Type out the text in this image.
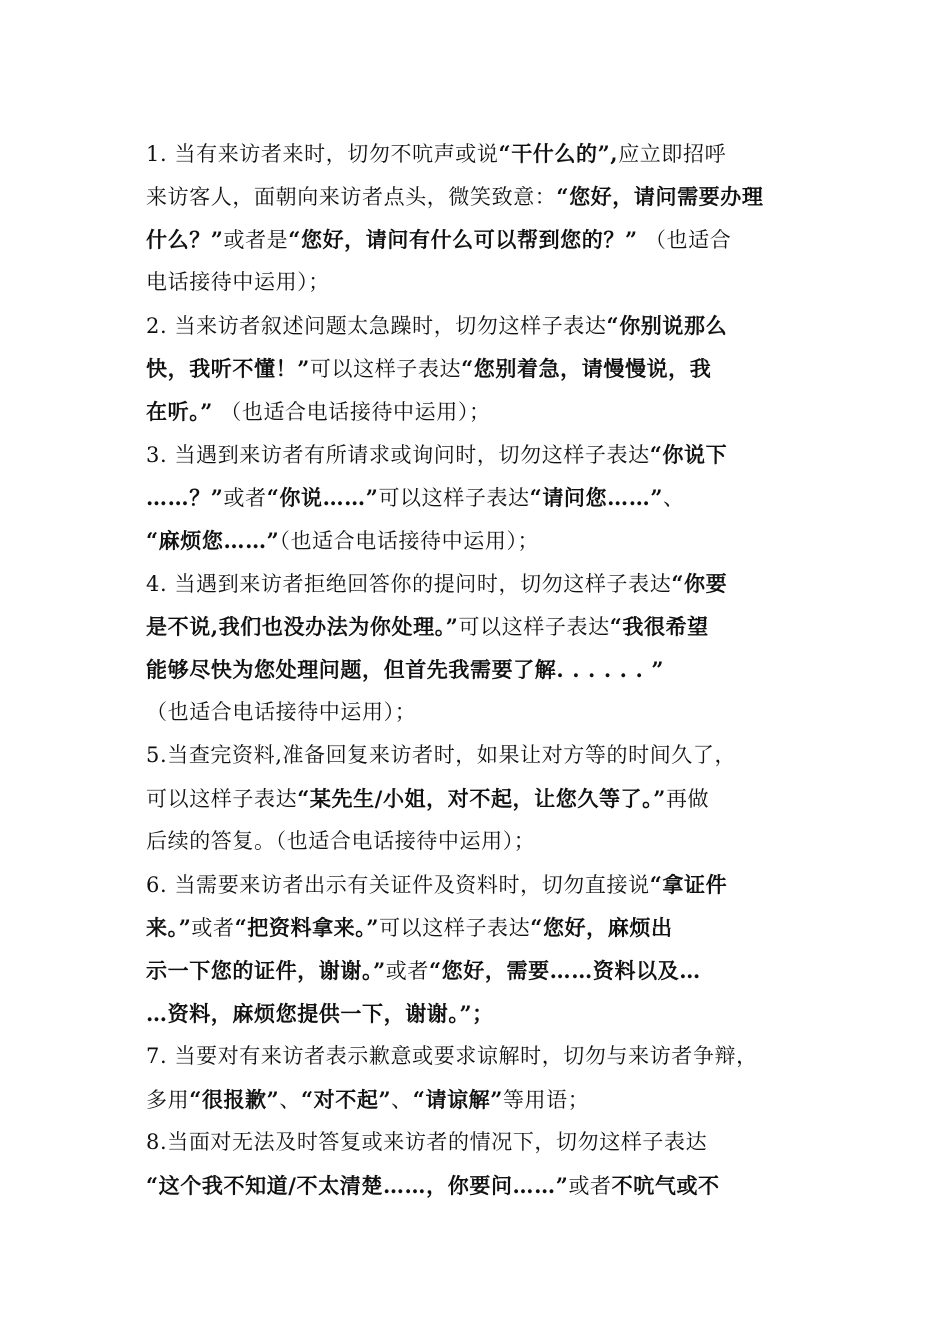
1. 当有来访者来时，切勿不吭声或说“干什么的”,应立即招呼
来访客人，面朝向来访者点头，微笑致意：“您好，请问需要办理
什么？”或者是“您好，请问有什么可以帮到您的？” （也适合
电话接待中运用）；
2. 当来访者叙述问题太急躁时，切勿这样子表达“你别说那么
快，我听不懂！”可以这样子表达“您别着急，请慢慢说，我
在听。” （也适合电话接待中运用）；
3. 当遇到来访者有所请求或询问时，切勿这样子表达“你说下
……？”或者“你说……”可以这样子表达“请问您……”、
“麻烦您……”（也适合电话接待中运用）；
4. 当遇到来访者拒绝回答你的提问时，切勿这样子表达“你要
是不说,我们也没办法为你处理。”可以这样子表达“我很希望
能够尽快为您处理问题，但首先我需要了解. . . . . . ”
（也适合电话接待中运用）；
5.当查完资料,准备回复来访者时，如果让对方等的时间久了，
可以这样子表达“某先生/小姐，对不起，让您久等了。”再做
后续的答复。（也适合电话接待中运用）；
6. 当需要来访者出示有关证件及资料时，切勿直接说“拿证件
来。”或者“把资料拿来。”可以这样子表达“您好，麻烦出
示一下您的证件，谢谢。”或者“您好，需要……资料以及…
…资料，麻烦您提供一下，谢谢。”；
7. 当要对有来访者表示歉意或要求谅解时，切勿与来访者争辩，
多用“很报歉”、“对不起”、“请谅解”等用语；
8.当面对无法及时答复或来访者的情况下，切勿这样子表达
“这个我不知道/不太清楚……，你要问……”或者不吭气或不
